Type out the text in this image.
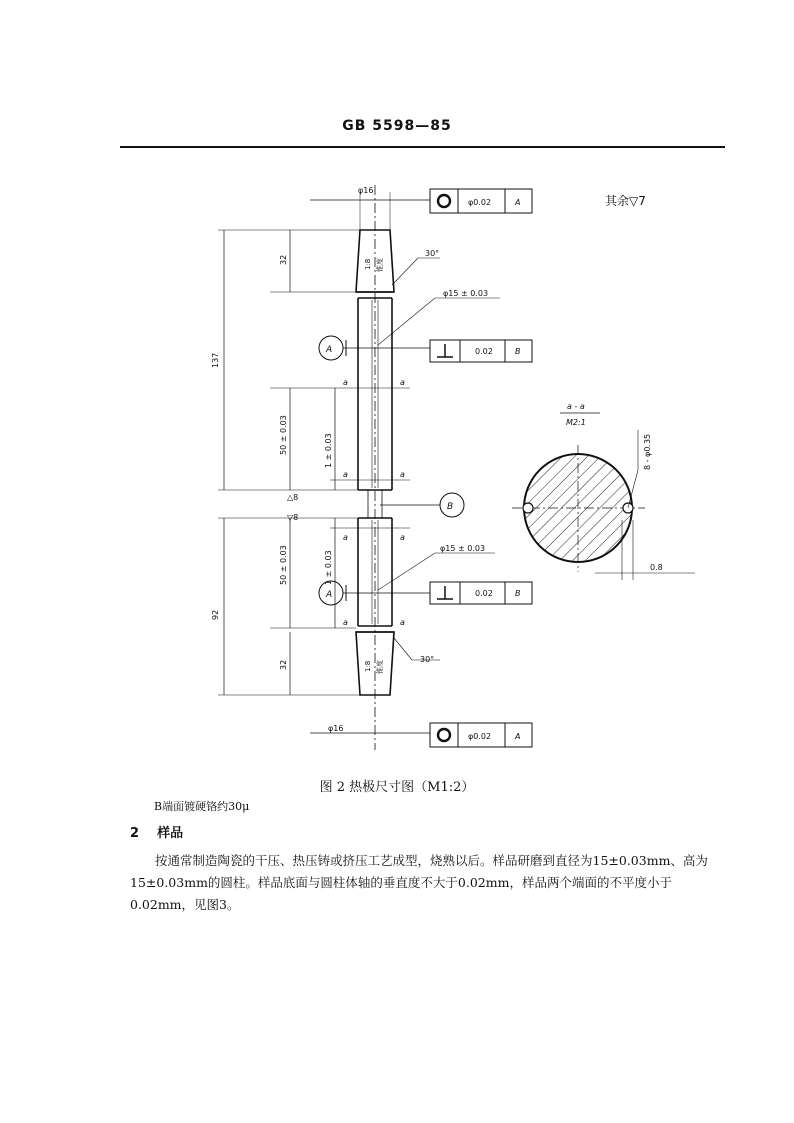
GB 5598—85
φ16
φ0.02	A	其余▽7
30°
φ15 ± 0.03
A	0.02	B
a	a
a	a
a	a
a	a
△8
▽8
B
φ15 ± 0.03
A	0.02	B
30°
φ16
φ0.02	A
137
32
50 ± 0.03	1 ± 0.03
92
50 ± 0.03	1 ± 0.03
32
1:8 锥度
1:8 锥度
a - a
M2:1
8 - φ0.35
0.8
图 2 热极尺寸图（M1:2）
B端面镀硬铬约30μ
2 样品

按通常制造陶瓷的干压、热压铸或挤压工艺成型，烧熟以后。样品研磨到直径为15±0.03mm、高为15±0.03mm的圆柱。样品底面与圆柱体轴的垂直度不大于0.02mm，样品两个端面的不平度小于0.02mm，见图3。
